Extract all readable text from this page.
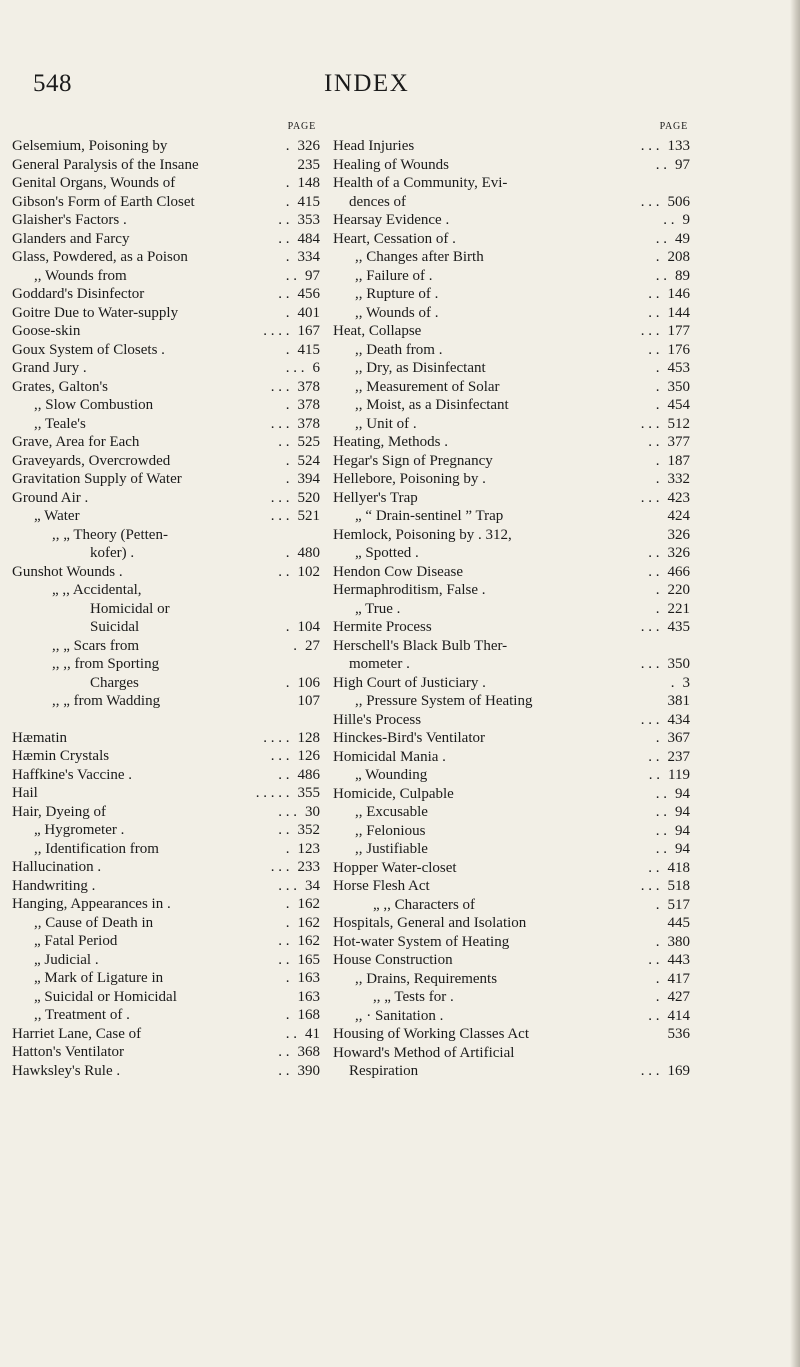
548	INDEX
PAGE
Gelsemium, Poisoning by	. 326
General Paralysis of the Insane	235
Genital Organs, Wounds of	. 148
Gibson's Form of Earth Closet	. 415
Glaisher's Factors .	. . 353
Glanders and Farcy	. . 484
Glass, Powdered, as a Poison	. 334
,, Wounds from	. . 97
Goddard's Disinfector	. . 456
Goitre Due to Water-supply	. 401
Goose-skin	. . . . 167
Goux System of Closets .	. 415
Grand Jury .	. . . 6
Grates, Galton's	. . . 378
,, Slow Combustion	. 378
,, Teale's	. . . 378
Grave, Area for Each	. . 525
Graveyards, Overcrowded	. 524
Gravitation Supply of Water	. 394
Ground Air .	. . . 520
„ Water	. . . 521
,, „ Theory (Petten-
kofer) .	. 480
Gunshot Wounds .	. . 102
„ ,, Accidental,
Homicidal or
Suicidal	. 104
,, „ Scars from	. 27
,, ,, from Sporting
Charges	. 106
,, „ from Wadding	107
Hæmatin	. . . . 128
Hæmin Crystals	. . . 126
Haffkine's Vaccine .	. . 486
Hail	. . . . . 355
Hair, Dyeing of	. . . 30
„ Hygrometer .	. . 352
,, Identification from	. 123
Hallucination .	. . . 233
Handwriting .	. . . 34
Hanging, Appearances in .	. 162
,, Cause of Death in	. 162
„ Fatal Period	. . 162
„ Judicial .	. . 165
„ Mark of Ligature in	. 163
„ Suicidal or Homicidal	163
,, Treatment of .	. 168
Harriet Lane, Case of	. . 41
Hatton's Ventilator	. . 368
Hawksley's Rule .	. . 390
PAGE
Head Injuries	. . . 133
Healing of Wounds	. . 97
Health of a Community, Evi-
dences of	. . . 506
Hearsay Evidence .	. . 9
Heart, Cessation of .	. . 49
,, Changes after Birth	. 208
,, Failure of .	. . 89
,, Rupture of .	. . 146
,, Wounds of .	. . 144
Heat, Collapse	. . . 177
,, Death from .	. . 176
,, Dry, as Disinfectant	. 453
,, Measurement of Solar	. 350
,, Moist, as a Disinfectant	. 454
,, Unit of .	. . . 512
Heating, Methods .	. . 377
Hegar's Sign of Pregnancy	. 187
Hellebore, Poisoning by .	. 332
Hellyer's Trap	. . . 423
„ “ Drain-sentinel ” Trap	424
Hemlock, Poisoning by . 312,	326
„ Spotted .	. . 326
Hendon Cow Disease	. . 466
Hermaphroditism, False .	. 220
„ True .	. 221
Hermite Process	. . . 435
Herschell's Black Bulb Ther-
mometer .	. . . 350
High Court of Justiciary .	. 3
,, Pressure System of Heating	381
Hille's Process	. . . 434
Hinckes-Bird's Ventilator	. 367
Homicidal Mania .	. . 237
„ Wounding	. . 119
Homicide, Culpable	. . 94
,, Excusable	. . 94
,, Felonious	. . 94
,, Justifiable	. . 94
Hopper Water-closet	. . 418
Horse Flesh Act	. . . 518
„ ,, Characters of	. 517
Hospitals, General and Isolation	445
Hot-water System of Heating	. 380
House Construction	. . 443
,, Drains, Requirements	. 417
,, „ Tests for .	. 427
,, · Sanitation .	. . 414
Housing of Working Classes Act	536
Howard's Method of Artificial
Respiration	. . . 169
